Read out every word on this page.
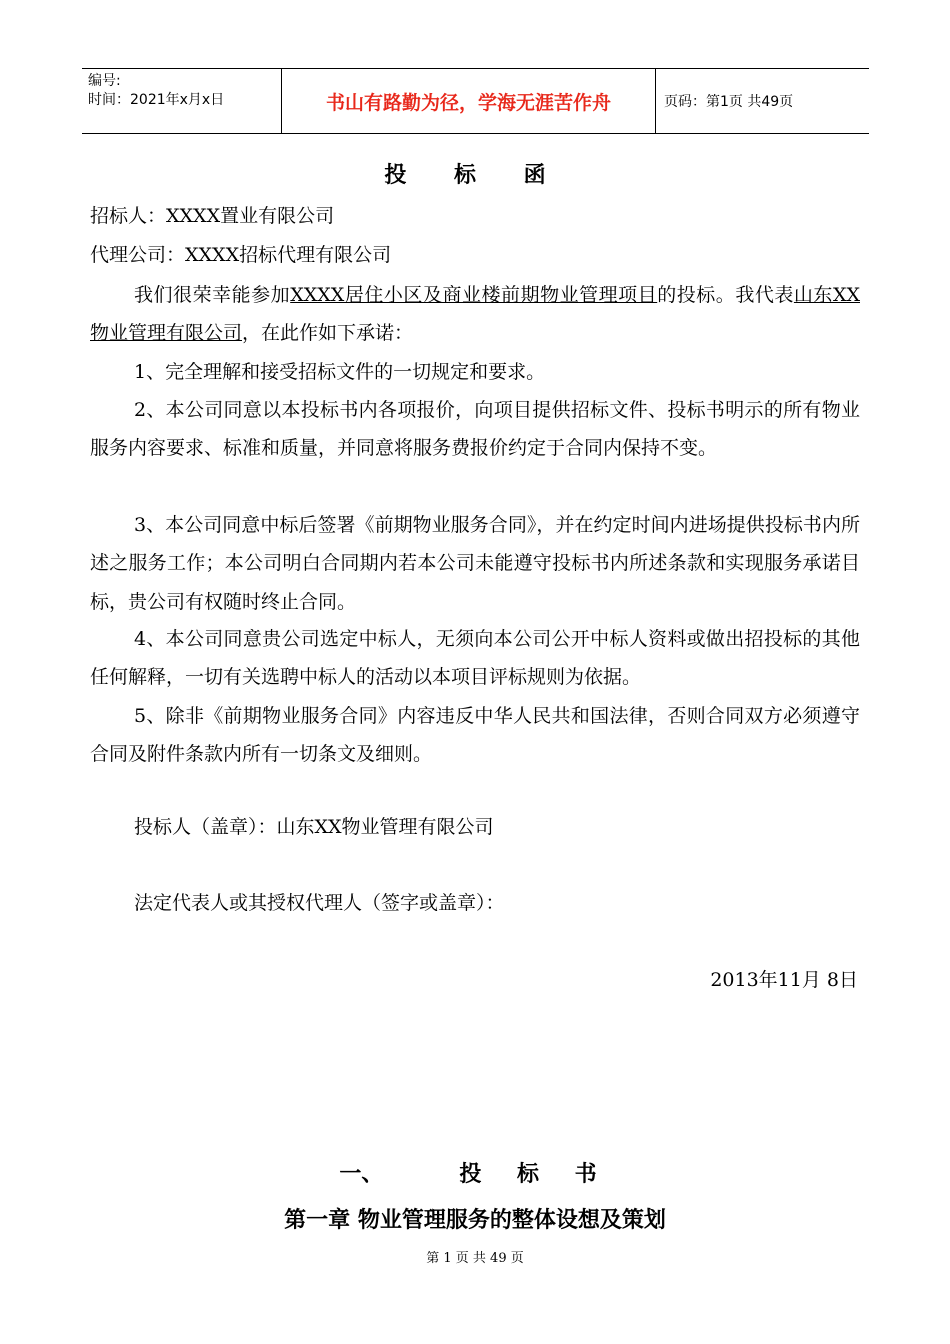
编号:
时间：2021年x月x日	书山有路勤为径，学海无涯苦作舟	页码：第1页 共49页
投 标 函
招标人：XXXX置业有限公司
代理公司：XXXX招标代理有限公司
我们很荣幸能参加XXXX居住小区及商业楼前期物业管理项目的投标。我代表山东XX物业管理有限公司，在此作如下承诺：
1、完全理解和接受招标文件的一切规定和要求。
2、本公司同意以本投标书内各项报价，向项目提供招标文件、投标书明示的所有物业服务内容要求、标准和质量，并同意将服务费报价约定于合同内保持不变。
3、本公司同意中标后签署《前期物业服务合同》，并在约定时间内进场提供投标书内所述之服务工作；本公司明白合同期内若本公司未能遵守投标书内所述条款和实现服务承诺目标，贵公司有权随时终止合同。
4、本公司同意贵公司选定中标人，无须向本公司公开中标人资料或做出招投标的其他任何解释，一切有关选聘中标人的活动以本项目评标规则为依据。
5、除非《前期物业服务合同》内容违反中华人民共和国法律，否则合同双方必须遵守合同及附件条款内所有一切条文及细则。
投标人（盖章）：山东XX物业管理有限公司
法定代表人或其授权代理人（签字或盖章）：
2013年11月 8日
一、	投 标 书
第一章 物业管理服务的整体设想及策划
第 1 页 共 49 页
